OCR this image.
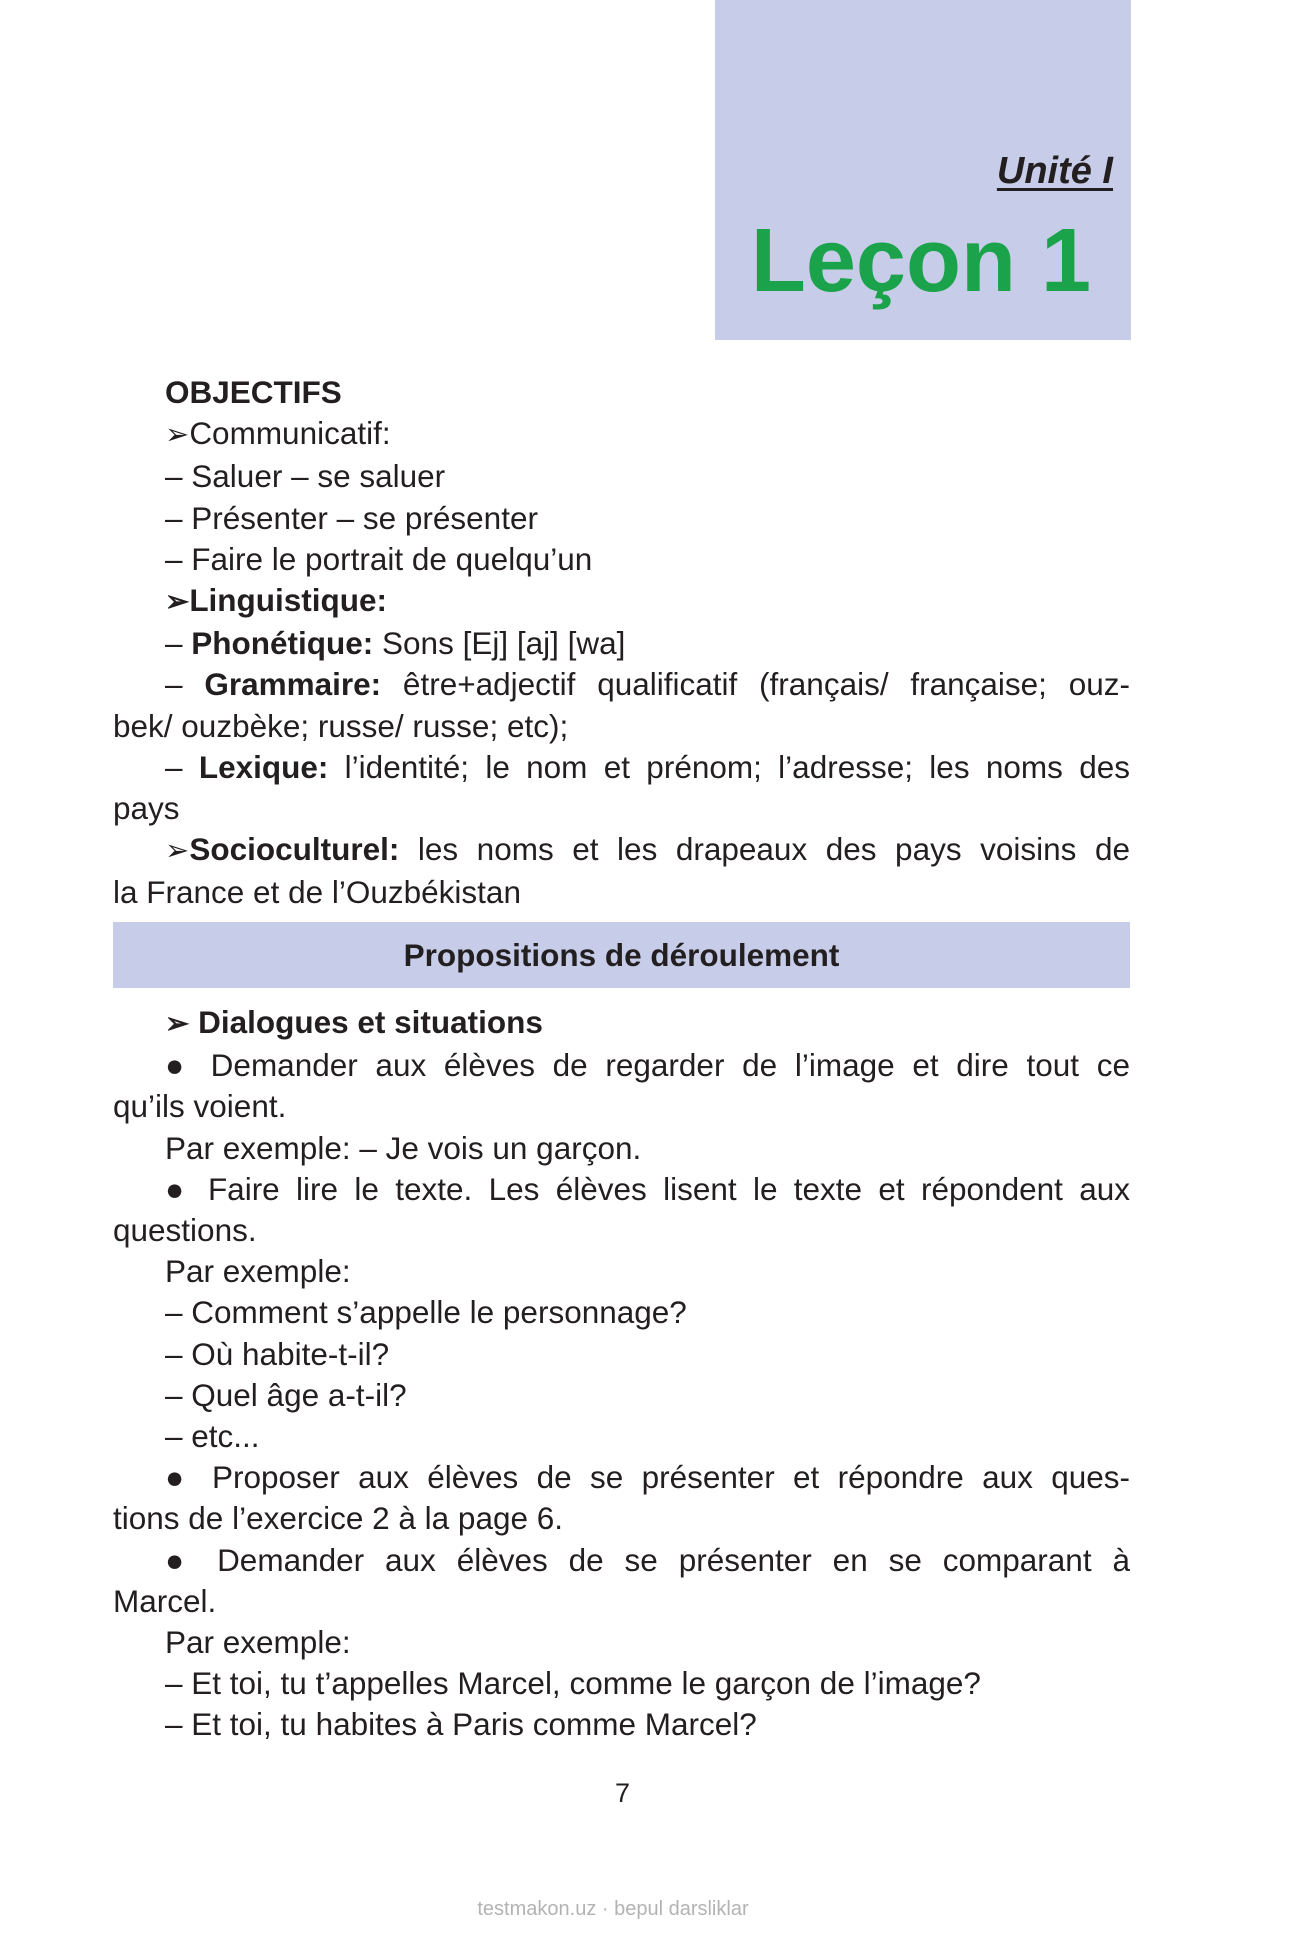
Unité I
Leçon 1
OBJECTIFS
➢Communicatif:
– Saluer – se saluer
– Présenter – se présenter
– Faire le portrait de quelqu’un
➢Linguistique:
– Phonétique: Sons [Ej] [aj] [wa]
– Grammaire: être+adjectif qualificatif (français/ française; ouz-
bek/ ouzbèke; russe/ russe; etc);
– Lexique: l’identité; le nom et prénom; l’adresse; les noms des
pays
➢Socioculturel: les noms et les drapeaux des pays voisins de
la France et de l’Ouzbékistan
Propositions de déroulement
➢ Dialogues et situations
● Demander aux élèves de regarder de l’image et dire tout ce
qu’ils voient.
Par exemple: – Je vois un garçon.
● Faire lire le texte. Les élèves lisent le texte et répondent aux
questions.
Par exemple:
– Comment s’appelle le personnage?
– Où habite-t-il?
– Quel âge a-t-il?
– etc...
● Proposer aux élèves de se présenter et répondre aux ques-
tions de l’exercice 2 à la page 6.
● Demander aux élèves de se présenter en se comparant à
Marcel.
Par exemple:
– Et toi, tu t’appelles Marcel, comme le garçon de l’image?
– Et toi, tu habites à Paris comme Marcel?
7
testmakon.uz · bepul darsliklar
